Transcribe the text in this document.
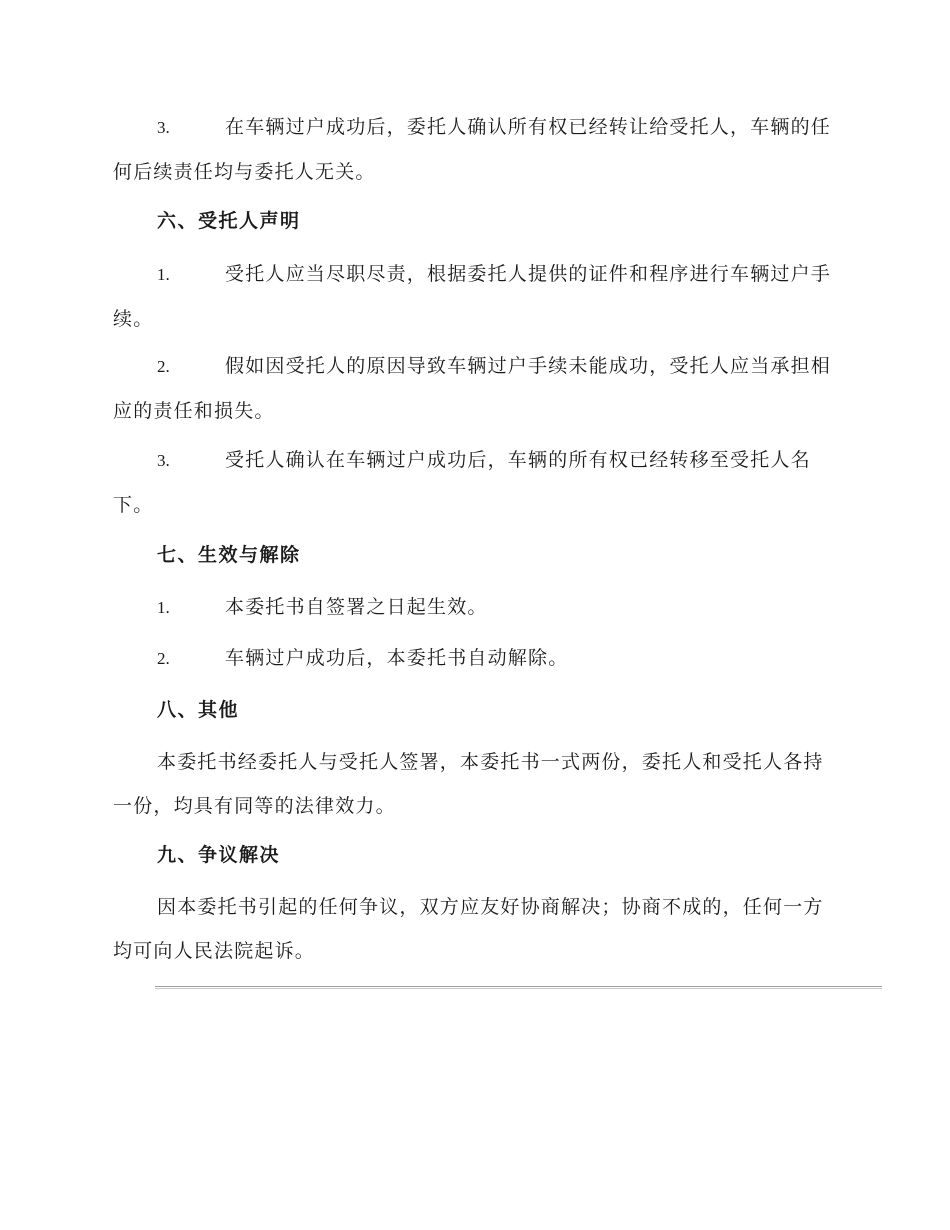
3.	在车辆过户成功后，委托人确认所有权已经转让给受托人，车辆的任何后续责任均与委托人无关。

六、受托人声明

1.	受托人应当尽职尽责，根据委托人提供的证件和程序进行车辆过户手续。

2.	假如因受托人的原因导致车辆过户手续未能成功，受托人应当承担相应的责任和损失。

3.	受托人确认在车辆过户成功后，车辆的所有权已经转移至受托人名下。

七、生效与解除

1.	本委托书自签署之日起生效。

2.	车辆过户成功后，本委托书自动解除。

八、其他

本委托书经委托人与受托人签署，本委托书一式两份，委托人和受托人各持一份，均具有同等的法律效力。

九、争议解决

因本委托书引起的任何争议，双方应友好协商解决；协商不成的，任何一方均可向人民法院起诉。
